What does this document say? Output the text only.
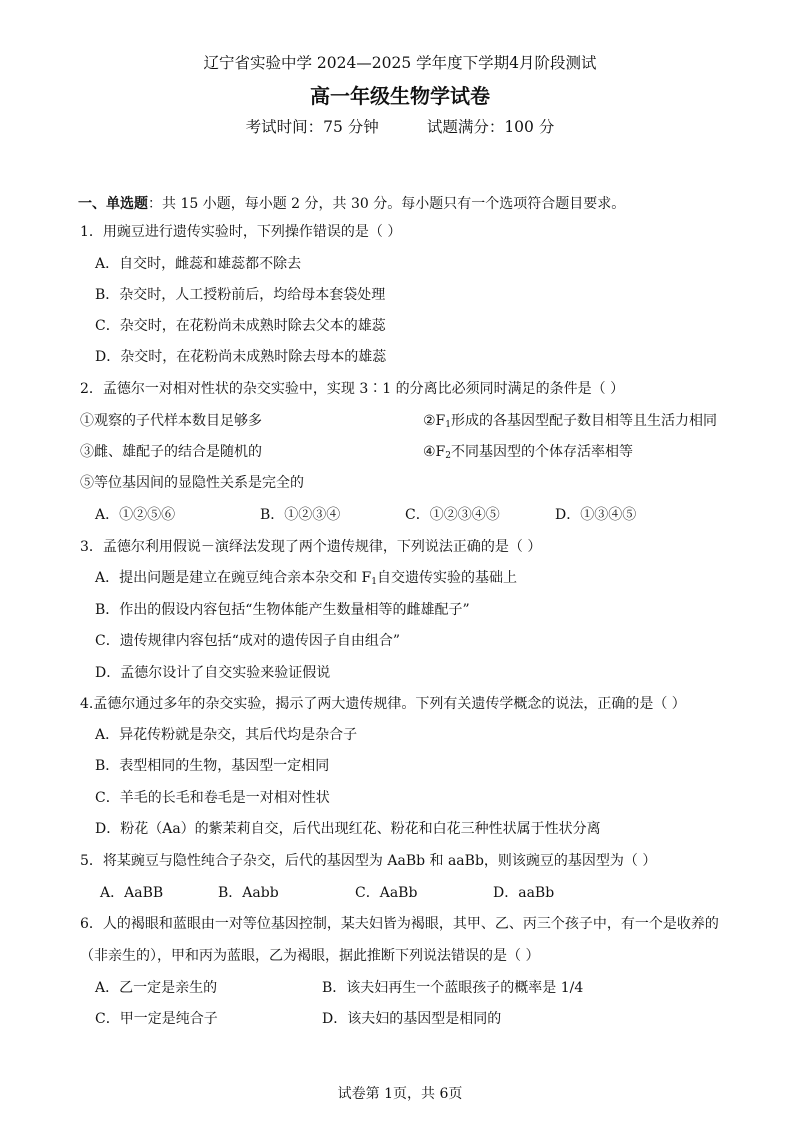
辽宁省实验中学 2024—2025 学年度下学期4月阶段测试
高一年级生物学试卷
考试时间：75 分钟	试题满分：100 分
一、单选题：共 15 小题，每小题 2 分，共 30 分。每小题只有一个选项符合题目要求。
1．用豌豆进行遗传实验时，下列操作错误的是（ ）
A．自交时，雌蕊和雄蕊都不除去
B．杂交时，人工授粉前后，均给母本套袋处理
C．杂交时，在花粉尚未成熟时除去父本的雄蕊
D．杂交时，在花粉尚未成熟时除去母本的雄蕊
2．孟德尔一对相对性状的杂交实验中，实现 3∶1 的分离比必须同时满足的条件是（ ）
①观察的子代样本数目足够多	$②F_1$形成的各基因型配子数目相等且生活力相同
③雌、雄配子的结合是随机的	$④F_2$不同基因型的个体存活率相等
⑤等位基因间的显隐性关系是完全的
A．①②⑤⑥	B．①②③④	C．①②③④⑤	D．①③④⑤
3．孟德尔利用假说－演绎法发现了两个遗传规律，下列说法正确的是（ ）
A．提出问题是建立在豌豆纯合亲本杂交和 $F_1$自交遗传实验的基础上
B．作出的假设内容包括“生物体能产生数量相等的雌雄配子”
C．遗传规律内容包括“成对的遗传因子自由组合”
D．孟德尔设计了自交实验来验证假说
4.孟德尔通过多年的杂交实验，揭示了两大遗传规律。下列有关遗传学概念的说法，正确的是（ ）
A．异花传粉就是杂交，其后代均是杂合子
B．表型相同的生物，基因型一定相同
C．羊毛的长毛和卷毛是一对相对性状
D．粉花（Aa）的紫茉莉自交，后代出现红花、粉花和白花三种性状属于性状分离
5．将某豌豆与隐性纯合子杂交，后代的基因型为 AaBb 和 aaBb，则该豌豆的基因型为（ ）
A．AaBB	B．Aabb	C．AaBb	D．aaBb
6．人的褐眼和蓝眼由一对等位基因控制，某夫妇皆为褐眼，其甲、乙、丙三个孩子中，有一个是收养的
（非亲生的），甲和丙为蓝眼，乙为褐眼，据此推断下列说法错误的是（ ）
A．乙一定是亲生的	B．该夫妇再生一个蓝眼孩子的概率是 1/4
C．甲一定是纯合子	D．该夫妇的基因型是相同的
试卷第 1页，共 6页
